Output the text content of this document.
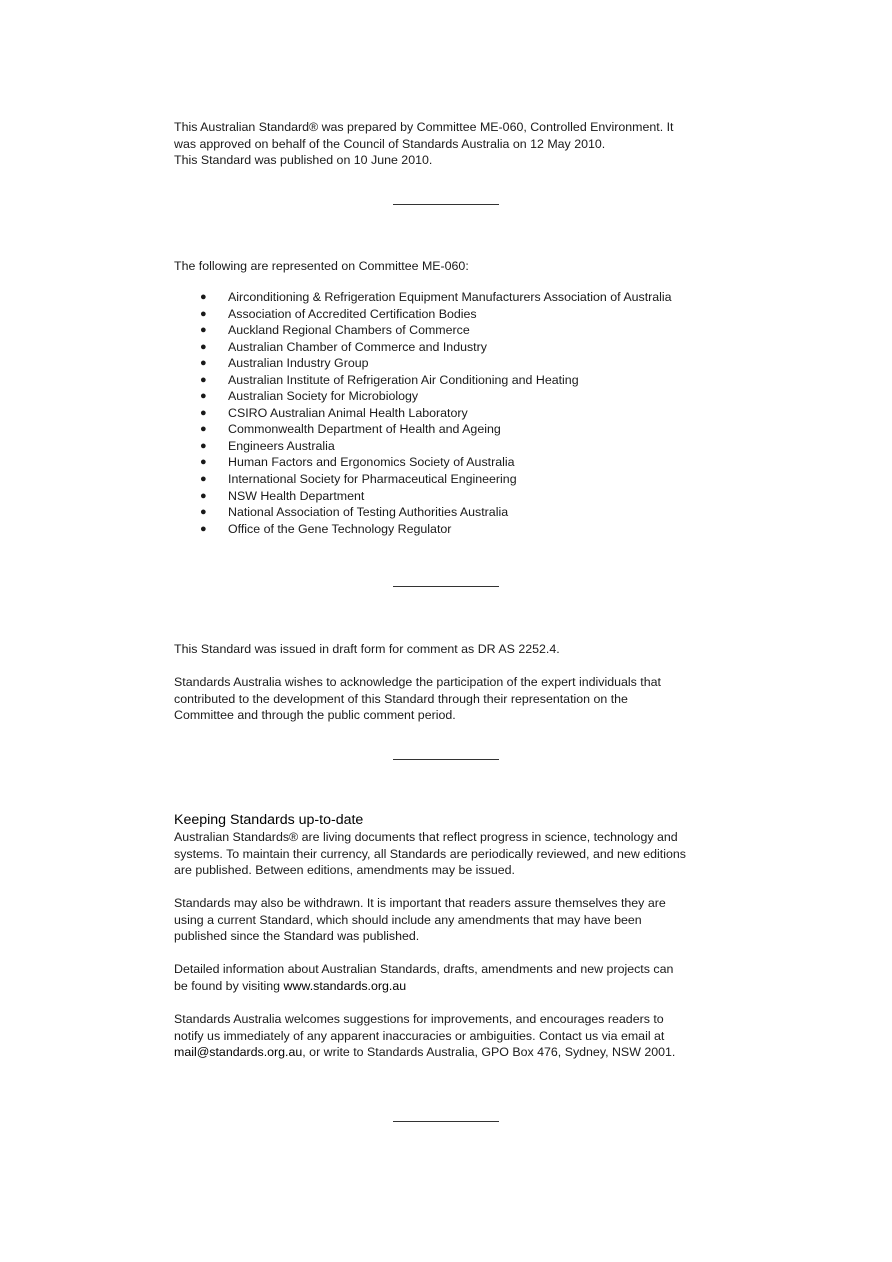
This Australian Standard® was prepared by Committee ME-060, Controlled Environment. It
was approved on behalf of the Council of Standards Australia on 12 May 2010.
This Standard was published on 10 June 2010.

The following are represented on Committee ME-060:

● Airconditioning & Refrigeration Equipment Manufacturers Association of Australia
● Association of Accredited Certification Bodies
● Auckland Regional Chambers of Commerce
● Australian Chamber of Commerce and Industry
● Australian Industry Group
● Australian Institute of Refrigeration Air Conditioning and Heating
● Australian Society for Microbiology
● CSIRO Australian Animal Health Laboratory
● Commonwealth Department of Health and Ageing
● Engineers Australia
● Human Factors and Ergonomics Society of Australia
● International Society for Pharmaceutical Engineering
● NSW Health Department
● National Association of Testing Authorities Australia
● Office of the Gene Technology Regulator

This Standard was issued in draft form for comment as DR AS 2252.4.

Standards Australia wishes to acknowledge the participation of the expert individuals that
contributed to the development of this Standard through their representation on the
Committee and through the public comment period.

Keeping Standards up-to-date

Australian Standards® are living documents that reflect progress in science, technology and
systems. To maintain their currency, all Standards are periodically reviewed, and new editions
are published. Between editions, amendments may be issued.

Standards may also be withdrawn. It is important that readers assure themselves they are
using a current Standard, which should include any amendments that may have been
published since the Standard was published.

Detailed information about Australian Standards, drafts, amendments and new projects can
be found by visiting www.standards.org.au

Standards Australia welcomes suggestions for improvements, and encourages readers to
notify us immediately of any apparent inaccuracies or ambiguities. Contact us via email at
mail@standards.org.au, or write to Standards Australia, GPO Box 476, Sydney, NSW 2001.
